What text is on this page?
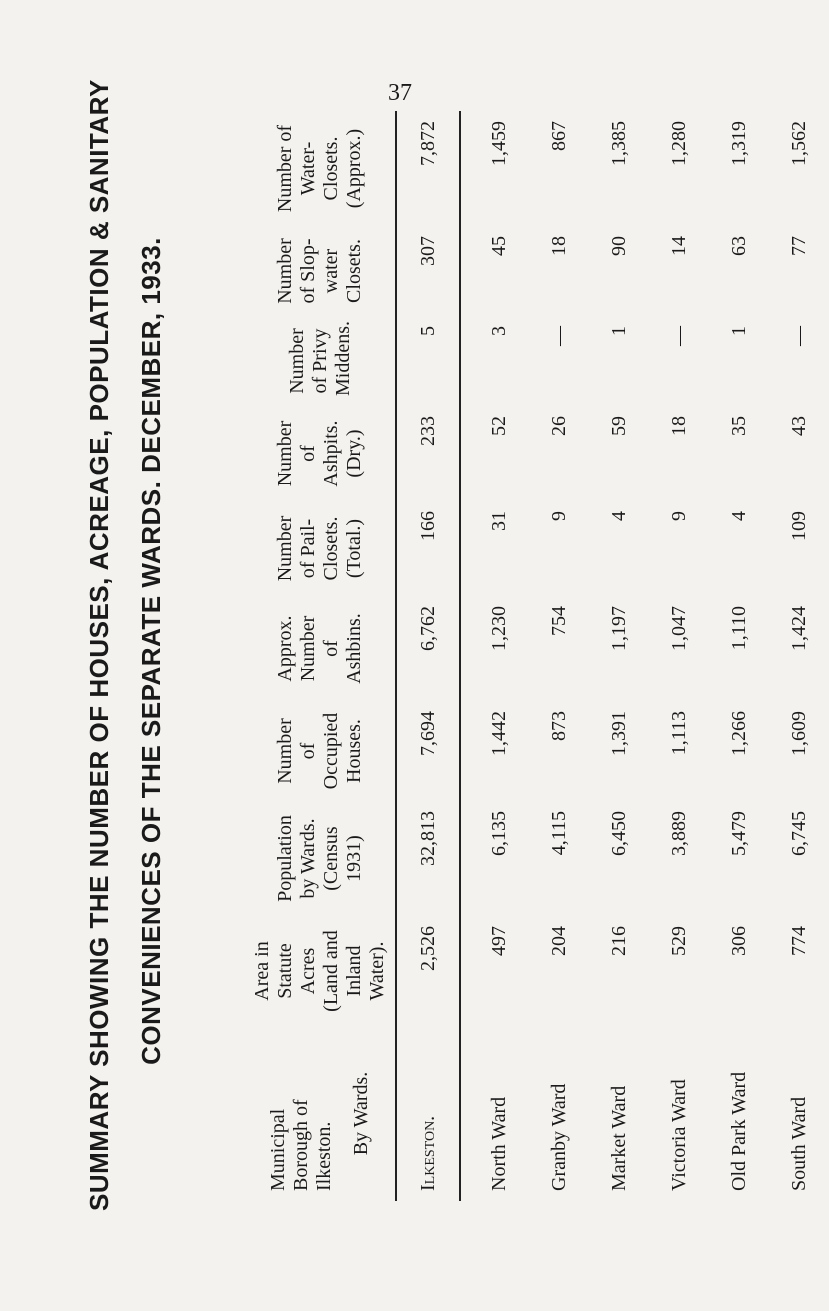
37
SUMMARY SHOWING THE NUMBER OF HOUSES, ACREAGE, POPULATION & SANITARY CONVENIENCES OF THE SEPARATE WARDS. DECEMBER, 1933.
Municipal Borough of Ilkeston.
By Wards.	Area in Statute Acres (Land and Inland Water).	Population by Wards. (Census 1931)	Number of Occupied Houses.	Approx. Number of Ashbins.	Number of Pail-Closets. (Total.)	Number of Ashpits. (Dry.)	Number of Privy Middens.	Number of Slop-water Closets.	Number of Water-Closets. (Approx.)
Ilkeston.	2,526	32,813	7,694	6,762	166	233	5	307	7,872
North Ward	497	6,135	1,442	1,230	31	52	3	45	1,459
Granby Ward	204	4,115	873	754	9	26	—	18	867
Market Ward	216	6,450	1,391	1,197	4	59	1	90	1,385
Victoria Ward	529	3,889	1,113	1,047	9	18	—	14	1,280
Old Park Ward	306	5,479	1,266	1,110	4	35	1	63	1,319
South Ward	774	6,745	1,609	1,424	109	43	—	77	1,562
